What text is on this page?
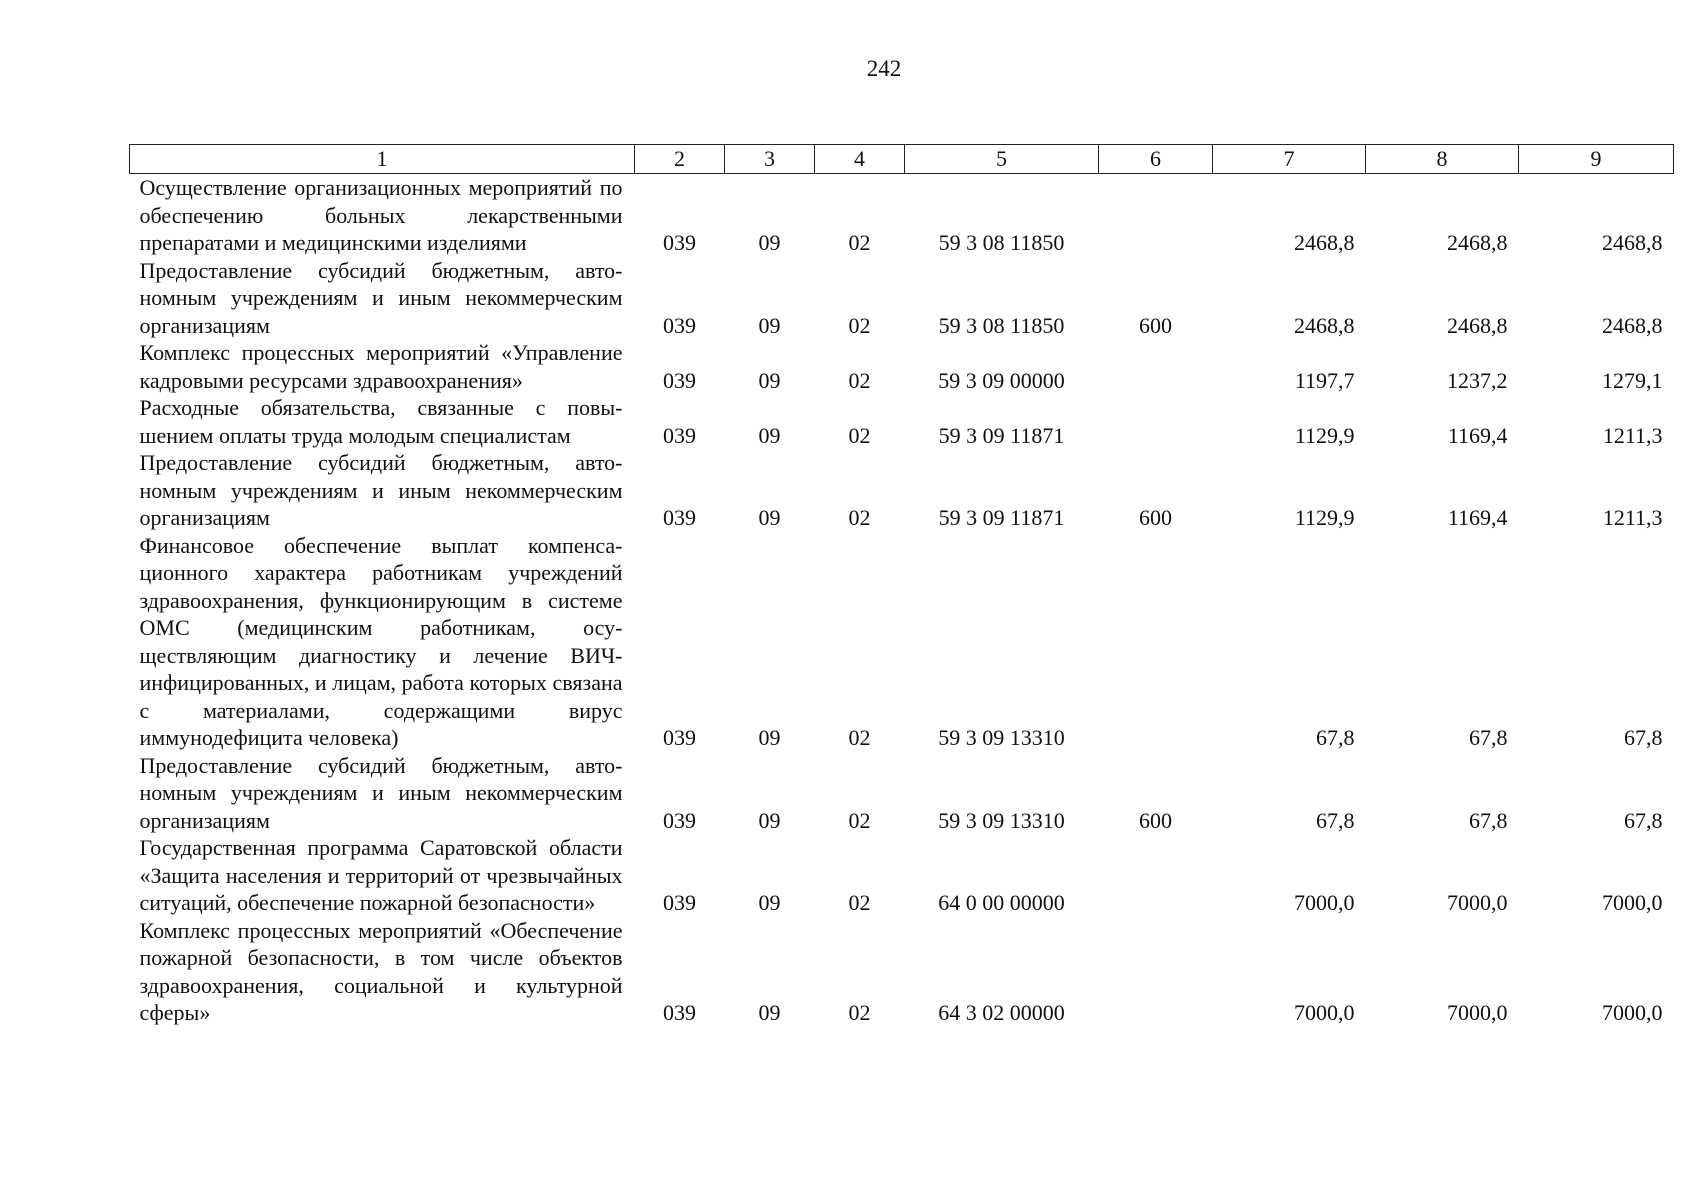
242
1	2	3	4	5	6	7	8	9
Осуществление организационных мероприятий по обеспечению больных лекарственными препаратами и медицинскими изделиями	039	09	02	59 3 08 11850		2468,8	2468,8	2468,8
Предоставление субсидий бюджетным, автономным учреждениям и иным некоммерческим организациям	039	09	02	59 3 08 11850	600	2468,8	2468,8	2468,8
Комплекс процессных мероприятий «Управление кадровыми ресурсами здравоохранения»	039	09	02	59 3 09 00000		1197,7	1237,2	1279,1
Расходные обязательства, связанные с повышением оплаты труда молодым специалистам	039	09	02	59 3 09 11871		1129,9	1169,4	1211,3
Предоставление субсидий бюджетным, автономным учреждениям и иным некоммерческим организациям	039	09	02	59 3 09 11871	600	1129,9	1169,4	1211,3
Финансовое обеспечение выплат компенсационного характера работникам учреждений здравоохранения, функционирующим в системе ОМС (медицинским работникам, осуществляющим диагностику и лечение ВИЧ-инфицированных, и лицам, работа которых связана с материалами, содержащими вирус иммунодефицита человека)	039	09	02	59 3 09 13310		67,8	67,8	67,8
Предоставление субсидий бюджетным, автономным учреждениям и иным некоммерческим организациям	039	09	02	59 3 09 13310	600	67,8	67,8	67,8
Государственная программа Саратовской области «Защита населения и территорий от чрезвычайных ситуаций, обеспечение пожарной безопасности»	039	09	02	64 0 00 00000		7000,0	7000,0	7000,0
Комплекс процессных мероприятий «Обеспечение пожарной безопасности, в том числе объектов здравоохранения, социальной и культурной сферы»	039	09	02	64 3 02 00000		7000,0	7000,0	7000,0
